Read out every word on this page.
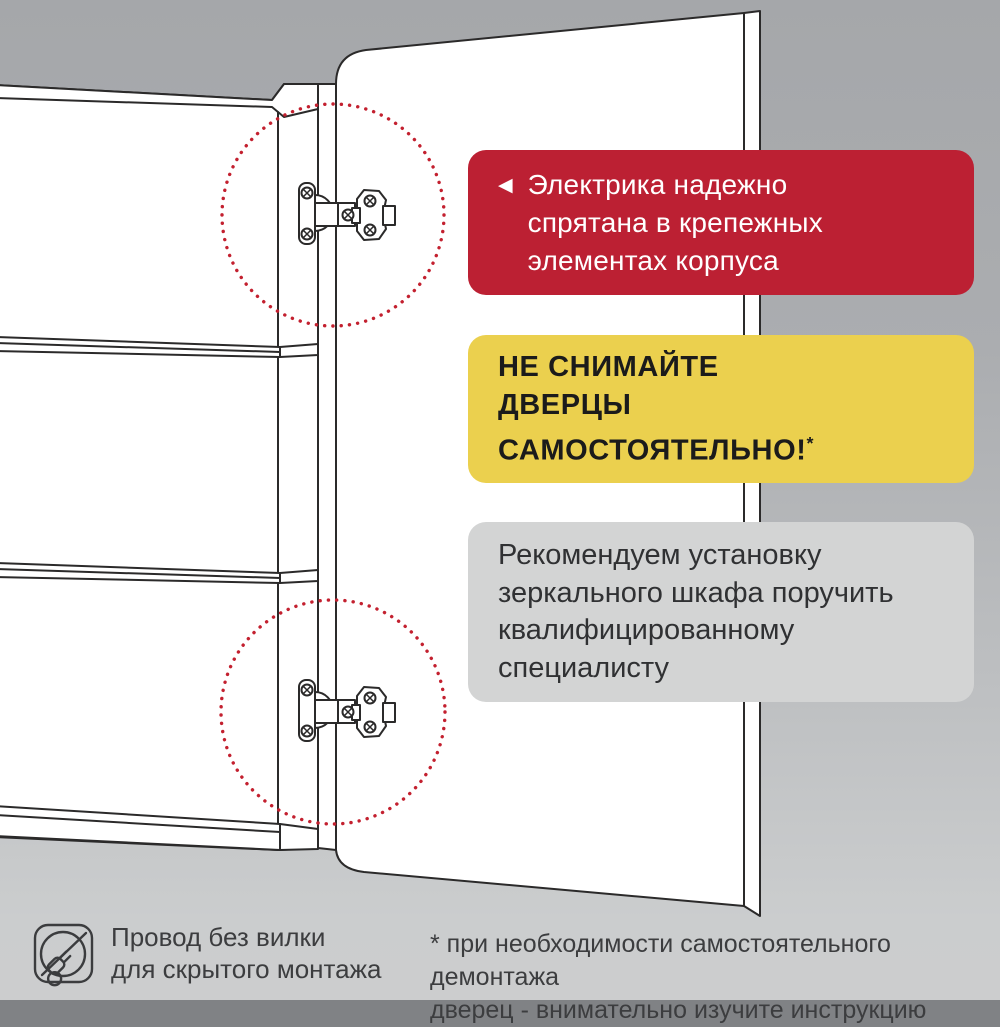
◀ Электрика надежно
спрятана в крепежных
элементах корпуса
НЕ СНИМАЙТЕ
ДВЕРЦЫ САМОСТОЯТЕЛЬНО!*
Рекомендуем установку
зеркального шкафа поручить
квалифицированному
специалисту
Провод без вилки
для скрытого монтажа
* при необходимости самостоятельного демонтажа
дверец - внимательно изучите инструкцию
